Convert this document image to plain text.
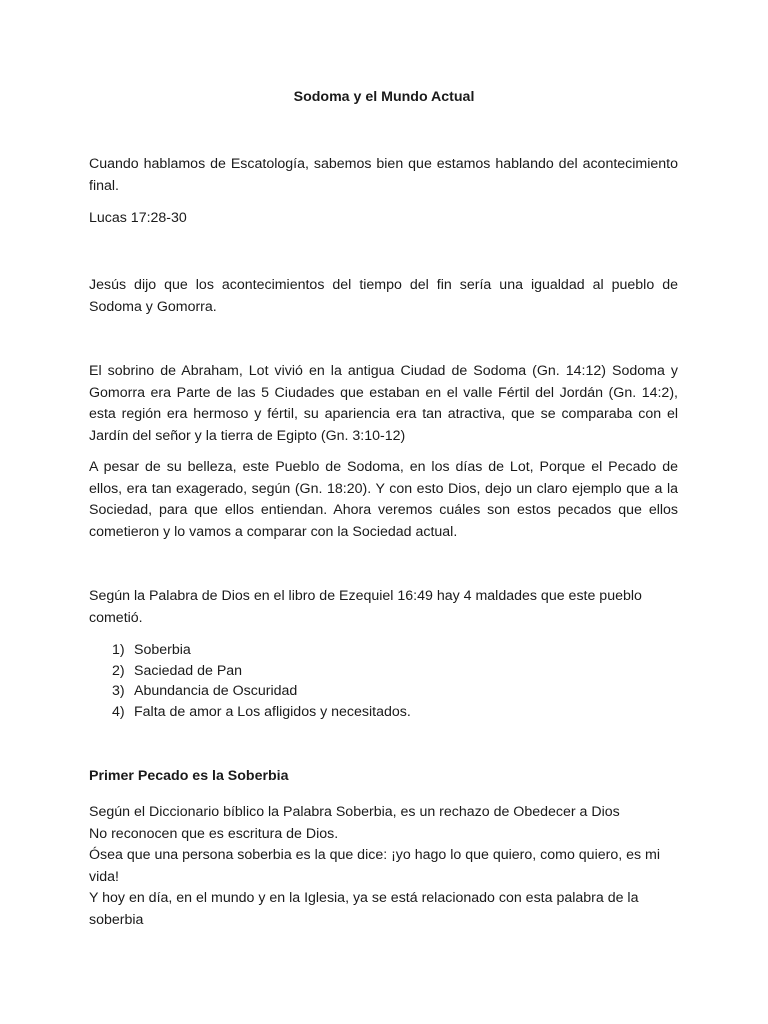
Sodoma y el Mundo Actual

Cuando hablamos de Escatología, sabemos bien que estamos hablando del acontecimiento final.

Lucas 17:28-30

Jesús dijo que los acontecimientos del tiempo del fin sería una igualdad al pueblo de Sodoma y Gomorra.

El sobrino de Abraham, Lot vivió en la antigua Ciudad de Sodoma (Gn. 14:12) Sodoma y Gomorra era Parte de las 5 Ciudades que estaban en el valle Fértil del Jordán (Gn. 14:2), esta región era hermoso y fértil, su apariencia era tan atractiva, que se comparaba con el Jardín del señor y la tierra de Egipto (Gn. 3:10-12)

A pesar de su belleza, este Pueblo de Sodoma, en los días de Lot, Porque el Pecado de ellos, era tan exagerado, según (Gn. 18:20). Y con esto Dios, dejo un claro ejemplo que a la Sociedad, para que ellos entiendan. Ahora veremos cuáles son estos pecados que ellos cometieron y lo vamos a comparar con la Sociedad actual.

Según la Palabra de Dios en el libro de Ezequiel 16:49 hay 4 maldades que este pueblo cometió.

1) Soberbia
2) Saciedad de Pan
3) Abundancia de Oscuridad
4) Falta de amor a Los afligidos y necesitados.
Primer Pecado es la Soberbia
Según el Diccionario bíblico la Palabra Soberbia, es un rechazo de Obedecer a Dios
No reconocen que es escritura de Dios.
Ósea que una persona soberbia es la que dice: ¡yo hago lo que quiero, como quiero, es mi vida!
Y hoy en día, en el mundo y en la Iglesia, ya se está relacionado con esta palabra de la soberbia
